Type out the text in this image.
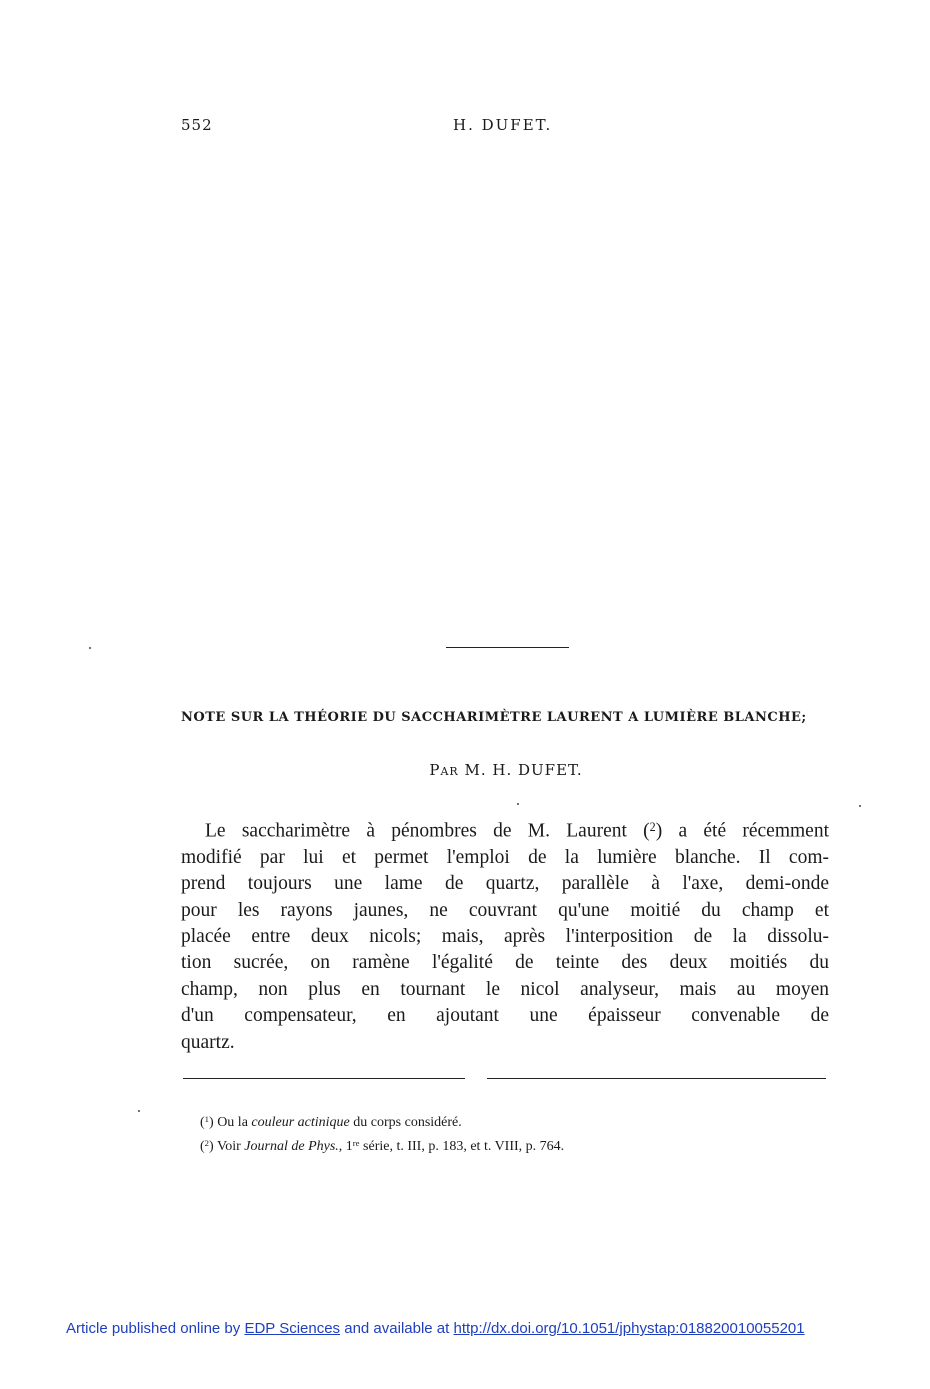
552	H. DUFET.
NOTE SUR LA THÉORIE DU SACCHARIMÈTRE LAURENT A LUMIÈRE BLANCHE;
PAR M. H. DUFET.
Le saccharimètre à pénombres de M. Laurent ($^2$) a été récemment
modifié par lui et permet l'emploi de la lumière blanche. Il com-
prend toujours une lame de quartz, parallèle à l'axe, demi-onde
pour les rayons jaunes, ne couvrant qu'une moitié du champ et
placée entre deux nicols; mais, après l'interposition de la dissolu-
tion sucrée, on ramène l'égalité de teinte des deux moitiés du
champ, non plus en tournant le nicol analyseur, mais au moyen
d'un compensateur, en ajoutant une épaisseur convenable de
quartz.
($^1$) Ou la couleur actinique du corps considéré.
($^2$) Voir Journal de Phys., 1re série, t. III, p. 183, et t. VIII, p. 764.
Article published online by EDP Sciences and available at http://dx.doi.org/10.1051/jphystap:018820010055201
